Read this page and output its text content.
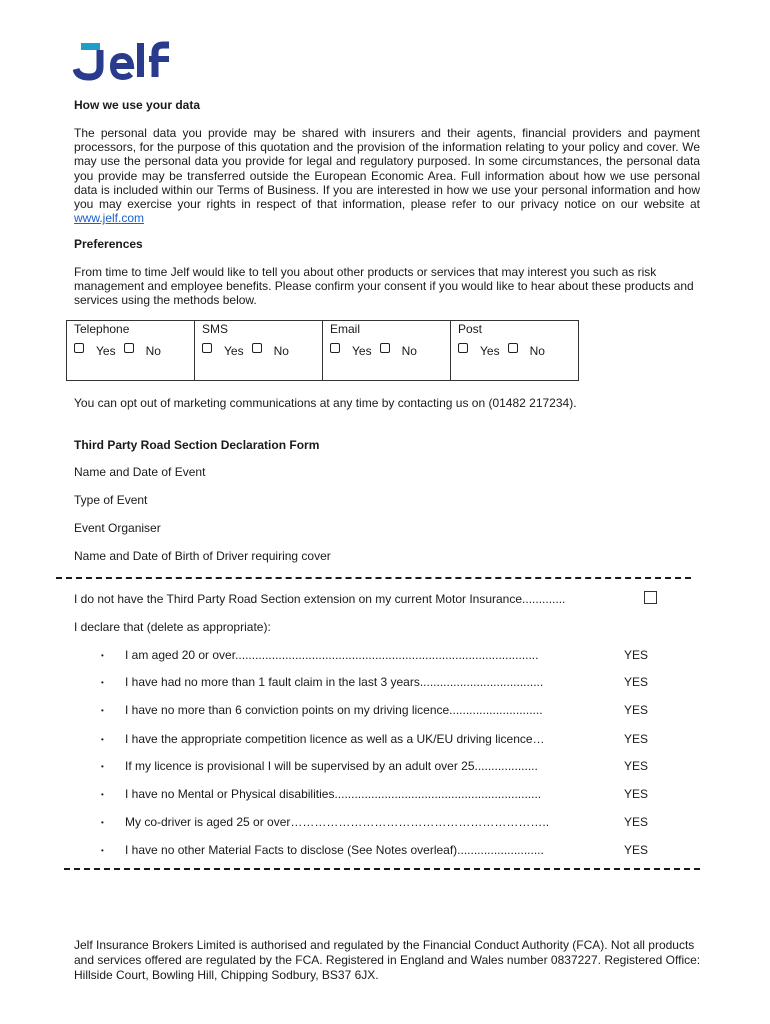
How we use your data
The personal data you provide may be shared with insurers and their agents, financial providers and payment processors, for the purpose of this quotation and the provision of the information relating to your policy and cover. We may use the personal data you provide for legal and regulatory purposed. In some circumstances, the personal data you provide may be transferred outside the European Economic Area. Full information about how we use personal data is included within our Terms of Business. If you are interested in how we use your personal information and how you may exercise your rights in respect of that information, please refer to our privacy notice on our website at www.jelf.com
Preferences
From time to time Jelf would like to tell you about other products or services that may interest you such as risk management and employee benefits. Please confirm your consent if you would like to hear about these products and services using the methods below.
Telephone
Yes	No

SMS
Yes	No

Email
Yes	No

Post
Yes	No
You can opt out of marketing communications at any time by contacting us on (01482 217234).
Third Party Road Section Declaration Form
Name and Date of Event
Type of Event
Event Organiser
Name and Date of Birth of Driver requiring cover
I do not have the Third Party Road Section extension on my current Motor Insurance.............
I declare that (delete as appropriate):
• I am aged 20 or over...........................................................................................	YES
• I have had no more than 1 fault claim in the last 3 years.....................................	YES
• I have no more than 6 conviction points on my driving licence............................	YES
• I have the appropriate competition licence as well as a UK/EU driving licence…	YES
• If my licence is provisional I will be supervised by an adult over 25...................	YES
• I have no Mental or Physical disabilities..............................................................	YES
• My co-driver is aged 25 or over………………………………………………………..	YES
• I have no other Material Facts to disclose (See Notes overleaf)..........................	YES
Jelf Insurance Brokers Limited is authorised and regulated by the Financial Conduct Authority (FCA). Not all products and services offered are regulated by the FCA. Registered in England and Wales number 0837227. Registered Office: Hillside Court, Bowling Hill, Chipping Sodbury, BS37 6JX.
